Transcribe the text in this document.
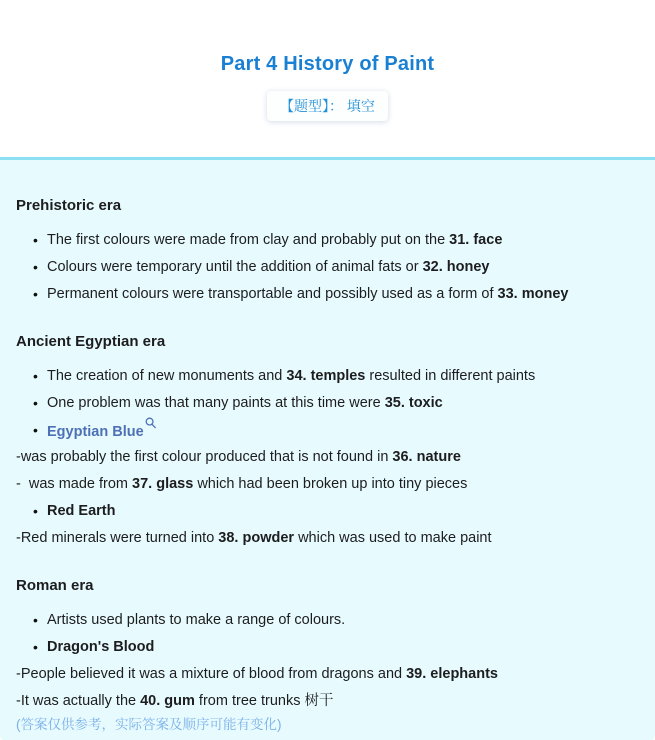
Part 4 History of Paint
【题型】： 填空
Prehistoric era
• The first colours were made from clay and probably put on the 31. face
• Colours were temporary until the addition of animal fats or 32. honey
• Permanent colours were transportable and possibly used as a form of 33. money
Ancient Egyptian era
• The creation of new monuments and 34. temples resulted in different paints
• One problem was that many paints at this time were 35. toxic
• Egyptian Blue
-was probably the first colour produced that is not found in 36. nature
-  was made from 37. glass which had been broken up into tiny pieces
• Red Earth
-Red minerals were turned into 38. powder which was used to make paint
Roman era
• Artists used plants to make a range of colours.
• Dragon's Blood
-People believed it was a mixture of blood from dragons and 39. elephants
-It was actually the 40. gum from tree trunks 树干
(答案仅供参考，实际答案及顺序可能有变化)
